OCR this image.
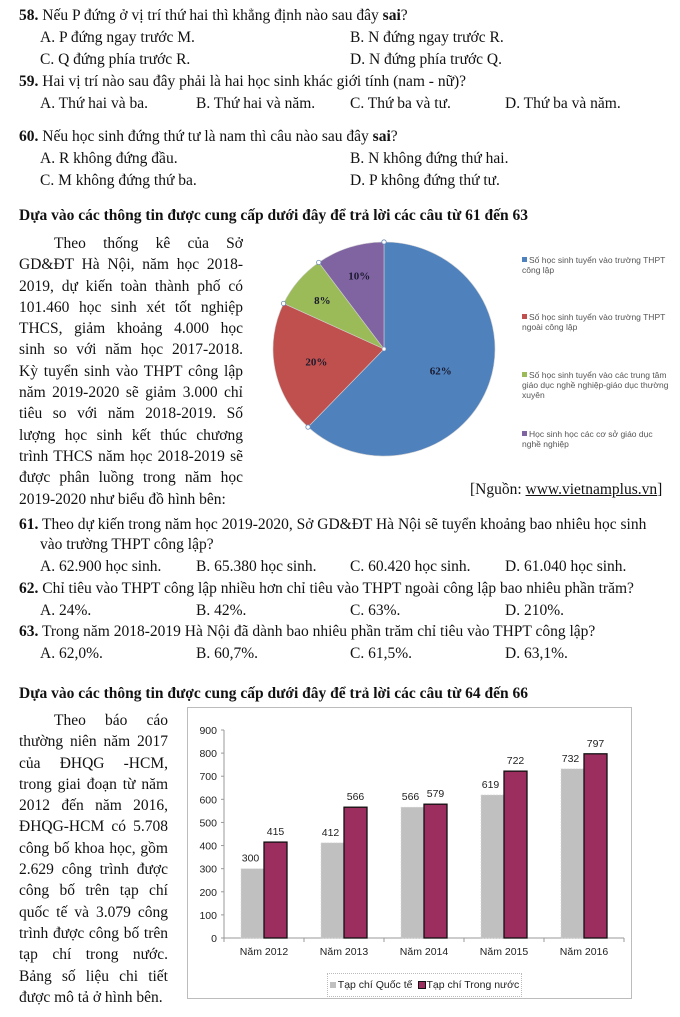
58. Nếu P đứng ở vị trí thứ hai thì khẳng định nào sau đây sai?
A. P đứng ngay trước M.	B. N đứng ngay trước R.
C. Q đứng phía trước R.	D. N đứng phía trước Q.
59. Hai vị trí nào sau đây phải là hai học sinh khác giới tính (nam - nữ)?
A. Thứ hai và ba.	B. Thứ hai và năm. C. Thứ ba và tư.	D. Thứ ba và năm.
60. Nếu học sinh đứng thứ tư là nam thì câu nào sau đây sai?
A. R không đứng đầu.	B. N không đứng thứ hai.
C. M không đứng thứ ba.	D. P không đứng thứ tư.
Dựa vào các thông tin được cung cấp dưới đây để trả lời các câu từ 61 đến 63
Theo thống kê của Sở
GD&ĐT Hà Nội, năm học 2018-
2019, dự kiến toàn thành phố có
101.460 học sinh xét tốt nghiệp
THCS, giảm khoảng 4.000 học
sinh so với năm học 2017-2018.
Kỳ tuyển sinh vào THPT công lập
năm 2019-2020 sẽ giảm 3.000 chỉ
tiêu so với năm 2018-2019. Số
lượng học sinh kết thúc chương
trình THCS năm học 2018-2019 sẽ
được phân luồng trong năm học
2019-2020 như biểu đồ hình bên:
62%
20%
8%
10%
Số học sinh tuyển vào trường THPT công lập
Số học sinh tuyển vào trường THPT ngoài công lập
Số học sinh tuyển vào các trung tâm giáo dục nghề nghiệp-giáo dục thường xuyên
Học sinh học các cơ sở giáo dục nghề nghiệp
[Nguồn: www.vietnamplus.vn]
61. Theo dự kiến trong năm học 2019-2020, Sở GD&ĐT Hà Nội sẽ tuyển khoảng bao nhiêu học sinh
vào trường THPT công lập?
A. 62.900 học sinh. B. 65.380 học sinh. C. 60.420 học sinh. D. 61.040 học sinh.
62. Chỉ tiêu vào THPT công lập nhiều hơn chỉ tiêu vào THPT ngoài công lập bao nhiêu phần trăm?
A. 24%.	B. 42%.	C. 63%.	D. 210%.
63. Trong năm 2018-2019 Hà Nội đã dành bao nhiêu phần trăm chỉ tiêu vào THPT công lập?
A. 62,0%.	B. 60,7%.	C. 61,5%.	D. 63,1%.
Dựa vào các thông tin được cung cấp dưới đây để trả lời các câu từ 64 đến 66
Theo báo cáo
thường niên năm 2017
của ĐHQG -HCM,
trong giai đoạn từ năm
2012 đến năm 2016,
ĐHQG-HCM có 5.708
công bố khoa học, gồm
2.629 công trình được
công bố trên tạp chí
quốc tế và 3.079 công
trình được công bố trên
tạp chí trong nước.
Bảng số liệu chi tiết
được mô tả ở hình bên.
0
100
200
300
400
500
600
700
800
900
Năm 2012
300
415
Năm 2013
412
566
Năm 2014
566 579
Năm 2015
619
722
Năm 2016
732
797
Tạp chí Quốc tế	Tạp chí Trong nước
